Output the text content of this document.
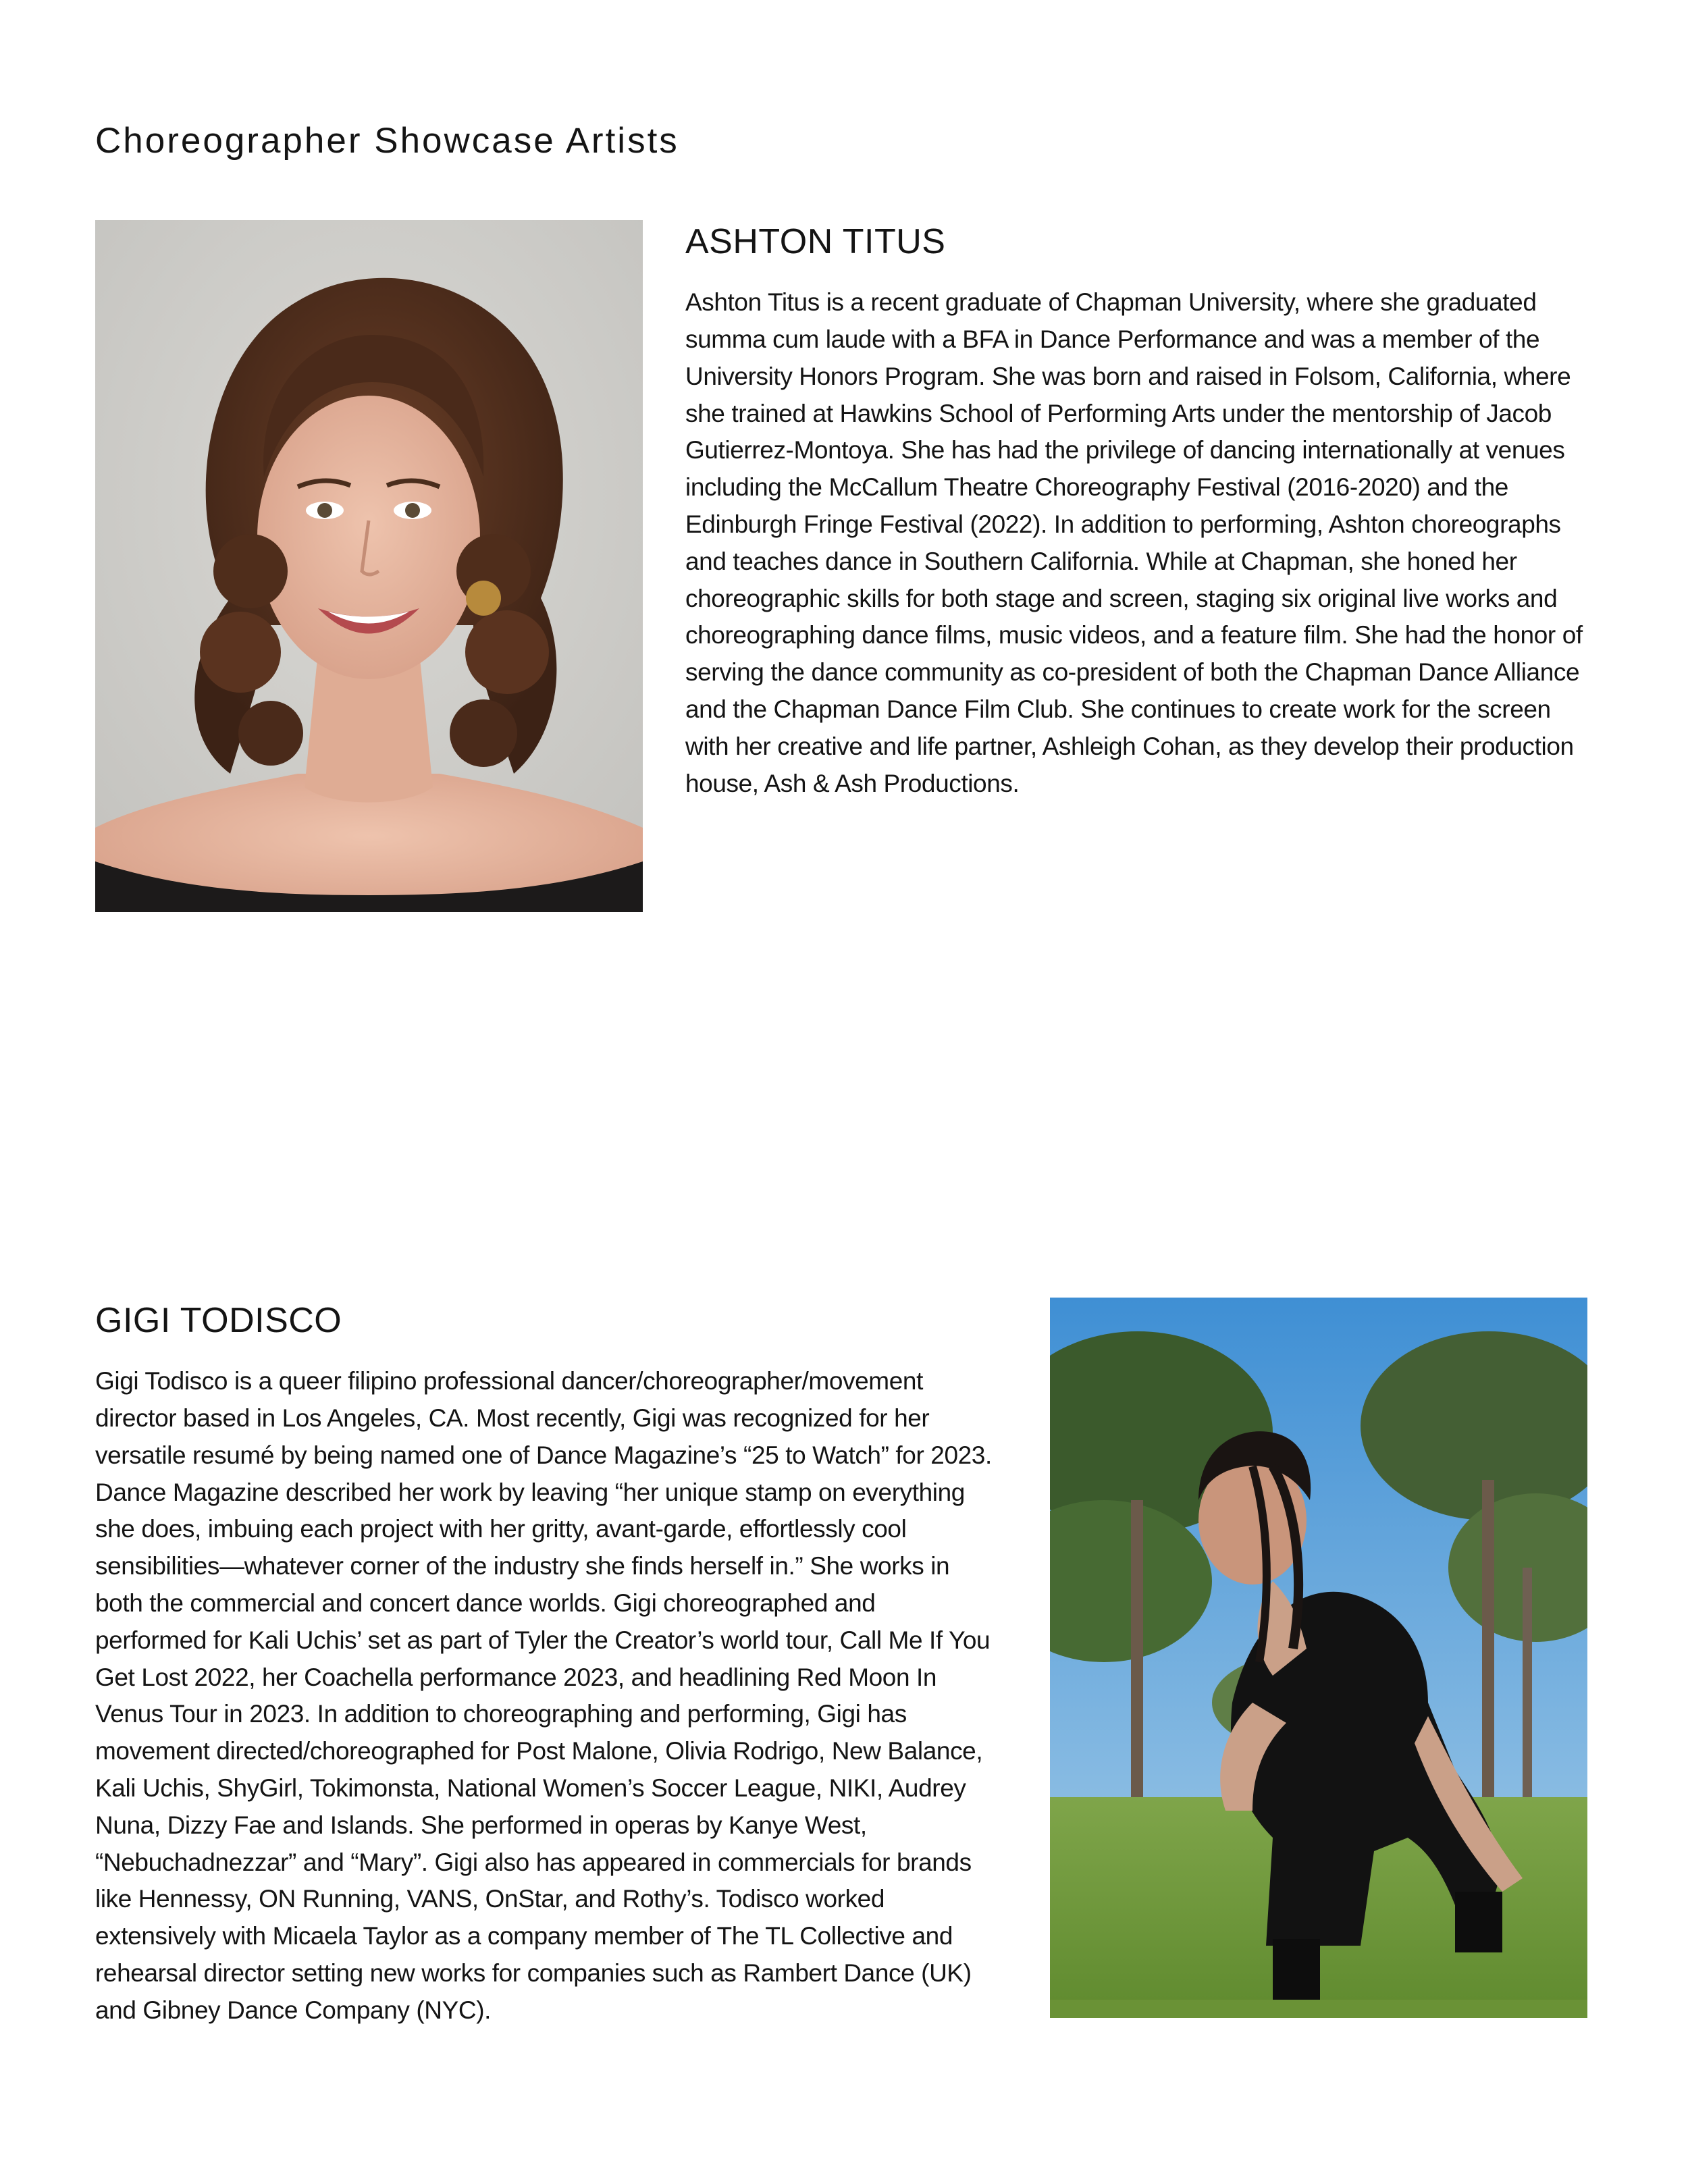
Choreographer Showcase Artists
ASHTON TITUS

Ashton Titus is a recent graduate of Chapman University, where she graduated summa cum laude with a BFA in Dance Performance and was a member of the University Honors Program. She was born and raised in Folsom, California, where she trained at Hawkins School of Performing Arts under the mentorship of Jacob Gutierrez-Montoya. She has had the privilege of dancing internationally at venues including the McCallum Theatre Choreography Festival (2016-2020) and the Edinburgh Fringe Festival (2022). In addition to performing, Ashton choreographs and teaches dance in Southern California. While at Chapman, she honed her choreographic skills for both stage and screen, staging six original live works and choreographing dance films, music videos, and a feature film. She had the honor of serving the dance community as co-president of both the Chapman Dance Alliance and the Chapman Dance Film Club. She continues to create work for the screen with her creative and life partner, Ashleigh Cohan, as they develop their production house, Ash & Ash Productions.

GIGI TODISCO

Gigi Todisco is a queer filipino professional dancer/choreographer/movement director based in Los Angeles, CA. Most recently, Gigi was recognized for her versatile resumé by being named one of Dance Magazine’s “25 to Watch” for 2023. Dance Magazine described her work by leaving “her unique stamp on everything she does, imbuing each project with her gritty, avant-garde, effortlessly cool sensibilities—whatever corner of the industry she finds herself in.” She works in both the commercial and concert dance worlds. Gigi choreographed and performed for Kali Uchis’ set as part of Tyler the Creator’s world tour, Call Me If You Get Lost 2022, her Coachella performance 2023, and headlining Red Moon In Venus Tour in 2023. In addition to choreographing and performing, Gigi has movement directed/choreographed for Post Malone, Olivia Rodrigo, New Balance, Kali Uchis, ShyGirl, Tokimonsta, National Women’s Soccer League, NIKI, Audrey Nuna, Dizzy Fae and Islands. She performed in operas by Kanye West, “Nebuchadnezzar” and “Mary”. Gigi also has appeared in commercials for brands like Hennessy, ON Running, VANS, OnStar, and Rothy’s. Todisco worked extensively with Micaela Taylor as a company member of The TL Collective and rehearsal director setting new works for companies such as Rambert Dance (UK) and Gibney Dance Company (NYC).
